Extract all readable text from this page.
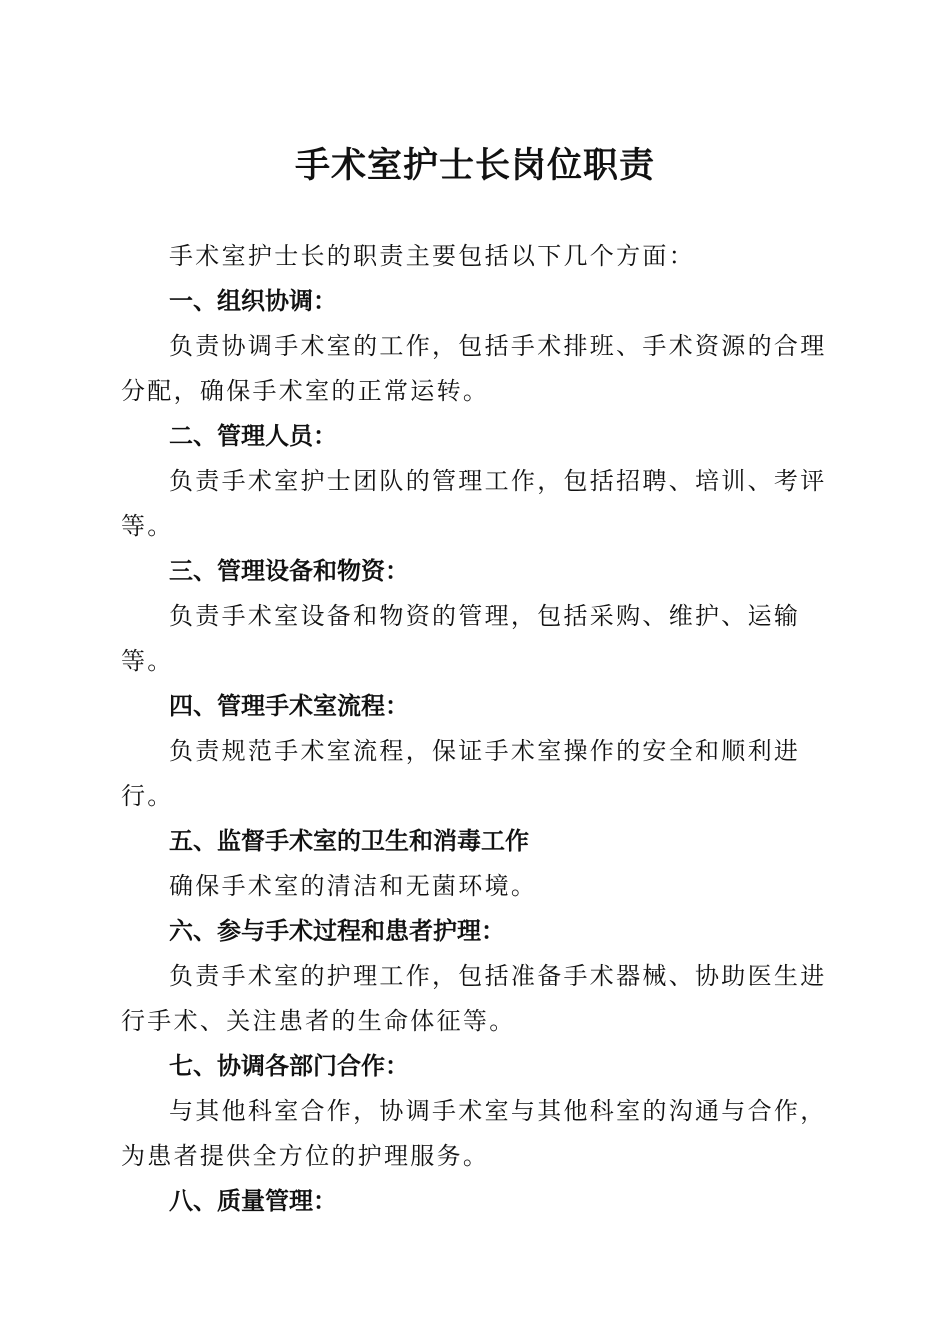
手术室护士长岗位职责

手术室护士长的职责主要包括以下几个方面：

一、组织协调：

负责协调手术室的工作，包括手术排班、手术资源的合理分配，确保手术室的正常运转。

二、管理人员：

负责手术室护士团队的管理工作，包括招聘、培训、考评等。

三、管理设备和物资：

负责手术室设备和物资的管理，包括采购、维护、运输等。

四、管理手术室流程：

负责规范手术室流程，保证手术室操作的安全和顺利进行。

五、监督手术室的卫生和消毒工作

确保手术室的清洁和无菌环境。

六、参与手术过程和患者护理：

负责手术室的护理工作，包括准备手术器械、协助医生进行手术、关注患者的生命体征等。

七、协调各部门合作：

与其他科室合作，协调手术室与其他科室的沟通与合作，为患者提供全方位的护理服务。

八、质量管理：
